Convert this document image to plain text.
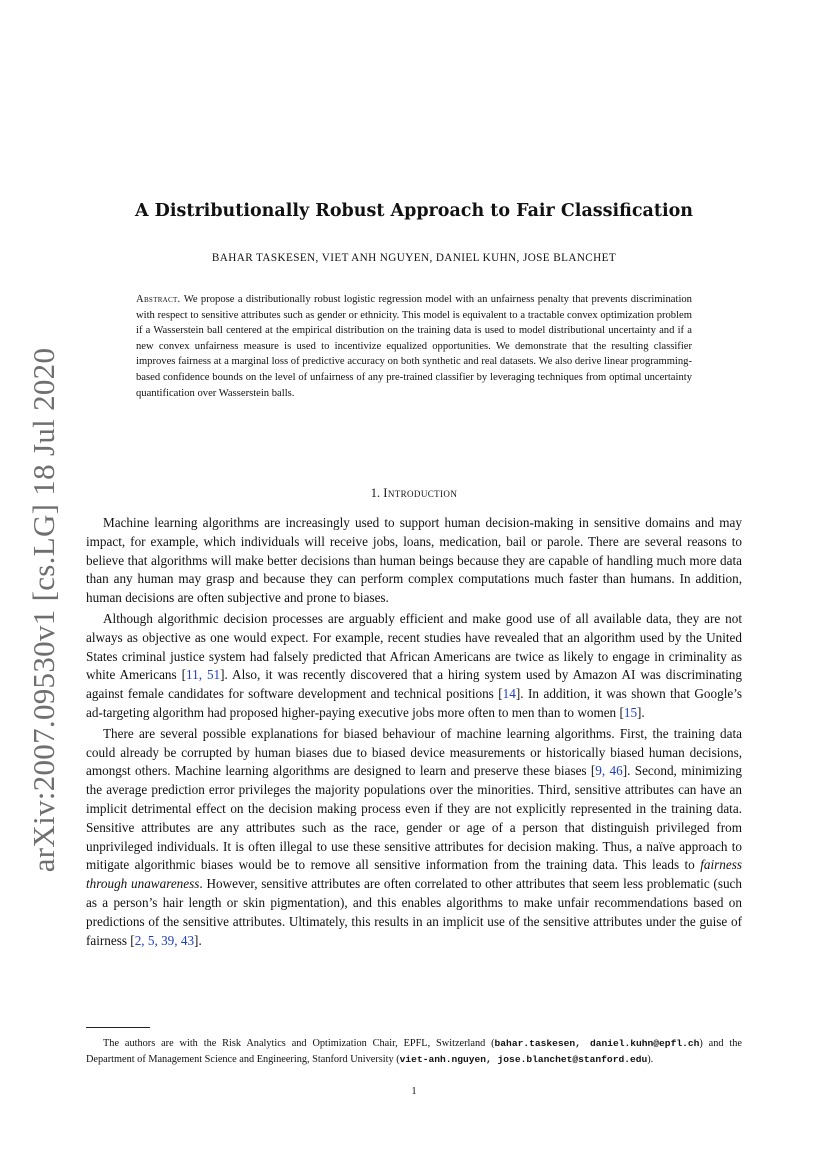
arXiv:2007.09530v1 [cs.LG] 18 Jul 2020
A Distributionally Robust Approach to Fair Classification
BAHAR TASKESEN, VIET ANH NGUYEN, DANIEL KUHN, JOSE BLANCHET
Abstract. We propose a distributionally robust logistic regression model with an unfairness penalty that prevents discrimination with respect to sensitive attributes such as gender or ethnicity. This model is equivalent to a tractable convex optimization problem if a Wasserstein ball centered at the empirical distribution on the training data is used to model distributional uncertainty and if a new convex unfairness measure is used to incentivize equalized opportunities. We demonstrate that the resulting classifier improves fairness at a marginal loss of predictive accuracy on both synthetic and real datasets. We also derive linear programming-based confidence bounds on the level of unfairness of any pre-trained classifier by leveraging techniques from optimal uncertainty quantification over Wasserstein balls.
1. Introduction

Machine learning algorithms are increasingly used to support human decision-making in sensitive domains and may impact, for example, which individuals will receive jobs, loans, medication, bail or parole. There are several reasons to believe that algorithms will make better decisions than human beings because they are capable of handling much more data than any human may grasp and because they can perform complex computations much faster than humans. In addition, human decisions are often subjective and prone to biases.

Although algorithmic decision processes are arguably efficient and make good use of all available data, they are not always as objective as one would expect. For example, recent studies have revealed that an algorithm used by the United States criminal justice system had falsely predicted that African Americans are twice as likely to engage in criminality as white Americans [11, 51]. Also, it was recently discovered that a hiring system used by Amazon AI was discriminating against female candidates for software development and technical positions [14]. In addition, it was shown that Google’s ad-targeting algorithm had proposed higher-paying executive jobs more often to men than to women [15].

There are several possible explanations for biased behaviour of machine learning algorithms. First, the training data could already be corrupted by human biases due to biased device measurements or historically biased human decisions, amongst others. Machine learning algorithms are designed to learn and preserve these biases [9, 46]. Second, minimizing the average prediction error privileges the majority populations over the minorities. Third, sensitive attributes can have an implicit detrimental effect on the decision making process even if they are not explicitly represented in the training data. Sensitive attributes are any attributes such as the race, gender or age of a person that distinguish privileged from unprivileged individuals. It is often illegal to use these sensitive attributes for decision making. Thus, a naïve approach to mitigate algorithmic biases would be to remove all sensitive information from the training data. This leads to fairness through unawareness. However, sensitive attributes are often correlated to other attributes that seem less problematic (such as a person’s hair length or skin pigmentation), and this enables algorithms to make unfair recommendations based on predictions of the sensitive attributes. Ultimately, this results in an implicit use of the sensitive attributes under the guise of fairness [2, 5, 39, 43].

The authors are with the Risk Analytics and Optimization Chair, EPFL, Switzerland (bahar.taskesen, daniel.kuhn@epfl.ch) and the Department of Management Science and Engineering, Stanford University (viet-anh.nguyen, jose.blanchet@stanford.edu).
1
